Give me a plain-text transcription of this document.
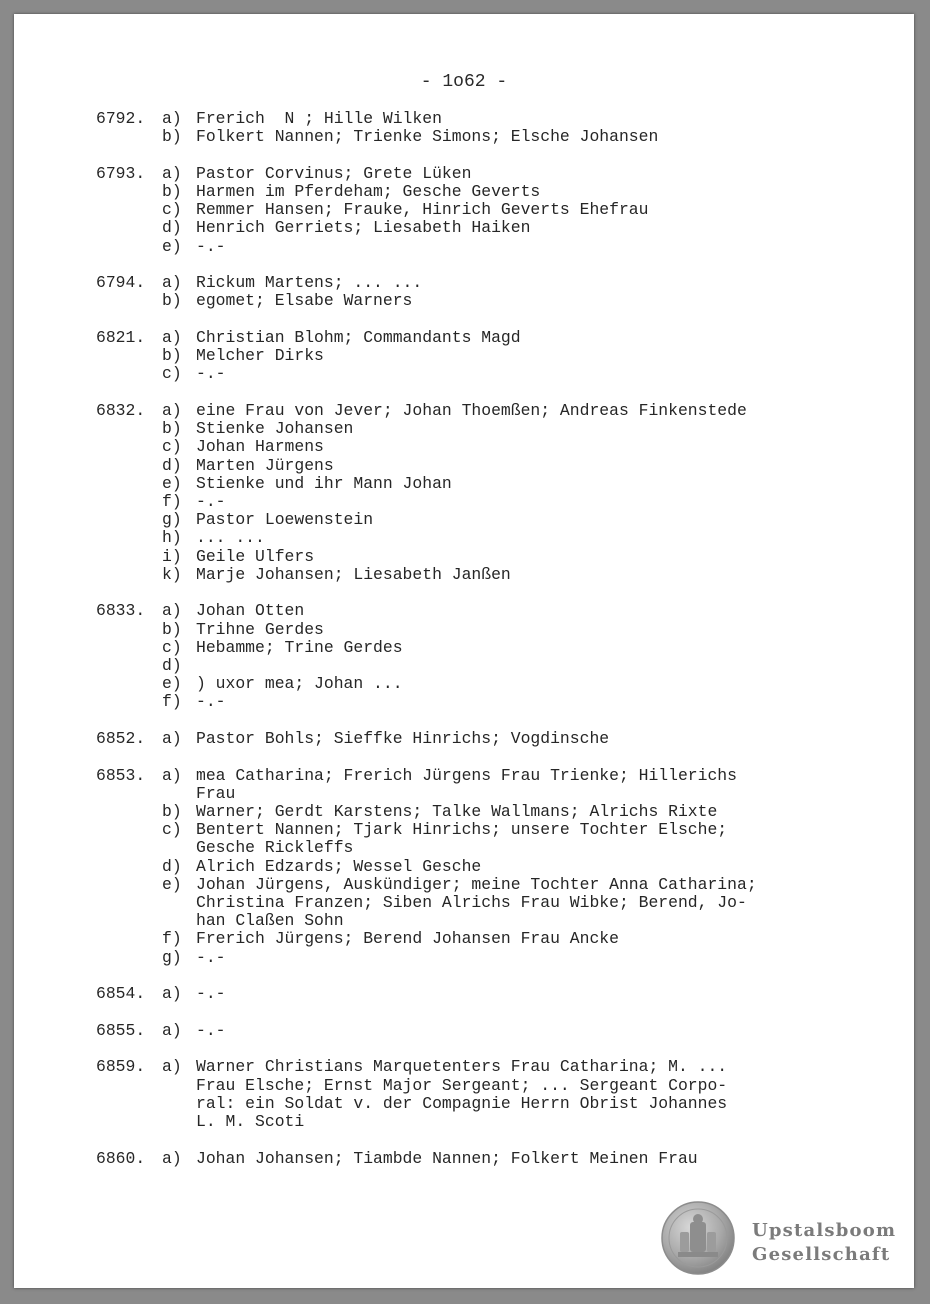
- 1o62 -
6792.	a) Frerich  N ; Hille Wilken
b) Folkert Nannen; Trienke Simons; Elsche Johansen
6793.	a) Pastor Corvinus; Grete Lüken
b) Harmen im Pferdeham; Gesche Geverts
c) Remmer Hansen; Frauke, Hinrich Geverts Ehefrau
d) Henrich Gerriets; Liesabeth Haiken
e) -.-
6794.	a) Rickum Martens; ... ...
b) egomet; Elsabe Warners
6821.	a) Christian Blohm; Commandants Magd
b) Melcher Dirks
c) -.-
6832.	a) eine Frau von Jever; Johan Thoemßen; Andreas Finkenstede
b) Stienke Johansen
c) Johan Harmens
d) Marten Jürgens
e) Stienke und ihr Mann Johan
f) -.-
g) Pastor Loewenstein
h) ... ...
i) Geile Ulfers
k) Marje Johansen; Liesabeth Janßen
6833.	a) Johan Otten
b) Trihne Gerdes
c) Hebamme; Trine Gerdes
d)
e) ) uxor mea; Johan ...
f) -.-
6852.	a) Pastor Bohls; Sieffke Hinrichs; Vogdinsche
6853.	a) mea Catharina; Frerich Jürgens Frau Trienke; Hillerichs
Frau
b) Warner; Gerdt Karstens; Talke Wallmans; Alrichs Rixte
c) Bentert Nannen; Tjark Hinrichs; unsere Tochter Elsche;
Gesche Rickleffs
d) Alrich Edzards; Wessel Gesche
e) Johan Jürgens, Auskündiger; meine Tochter Anna Catharina;
Christina Franzen; Siben Alrichs Frau Wibke; Berend, Jo-
han Claßen Sohn
f) Frerich Jürgens; Berend Johansen Frau Ancke
g) -.-
6854.	a) -.-
6855.	a) -.-
6859.	a) Warner Christians Marquetenters Frau Catharina; M. ...
Frau Elsche; Ernst Major Sergeant; ... Sergeant Corpo-
ral: ein Soldat v. der Compagnie Herrn Obrist Johannes
L. M. Scoti
6860.	a) Johan Johansen; Tiambde Nannen; Folkert Meinen Frau
Upstalsboom
Gesellschaft
